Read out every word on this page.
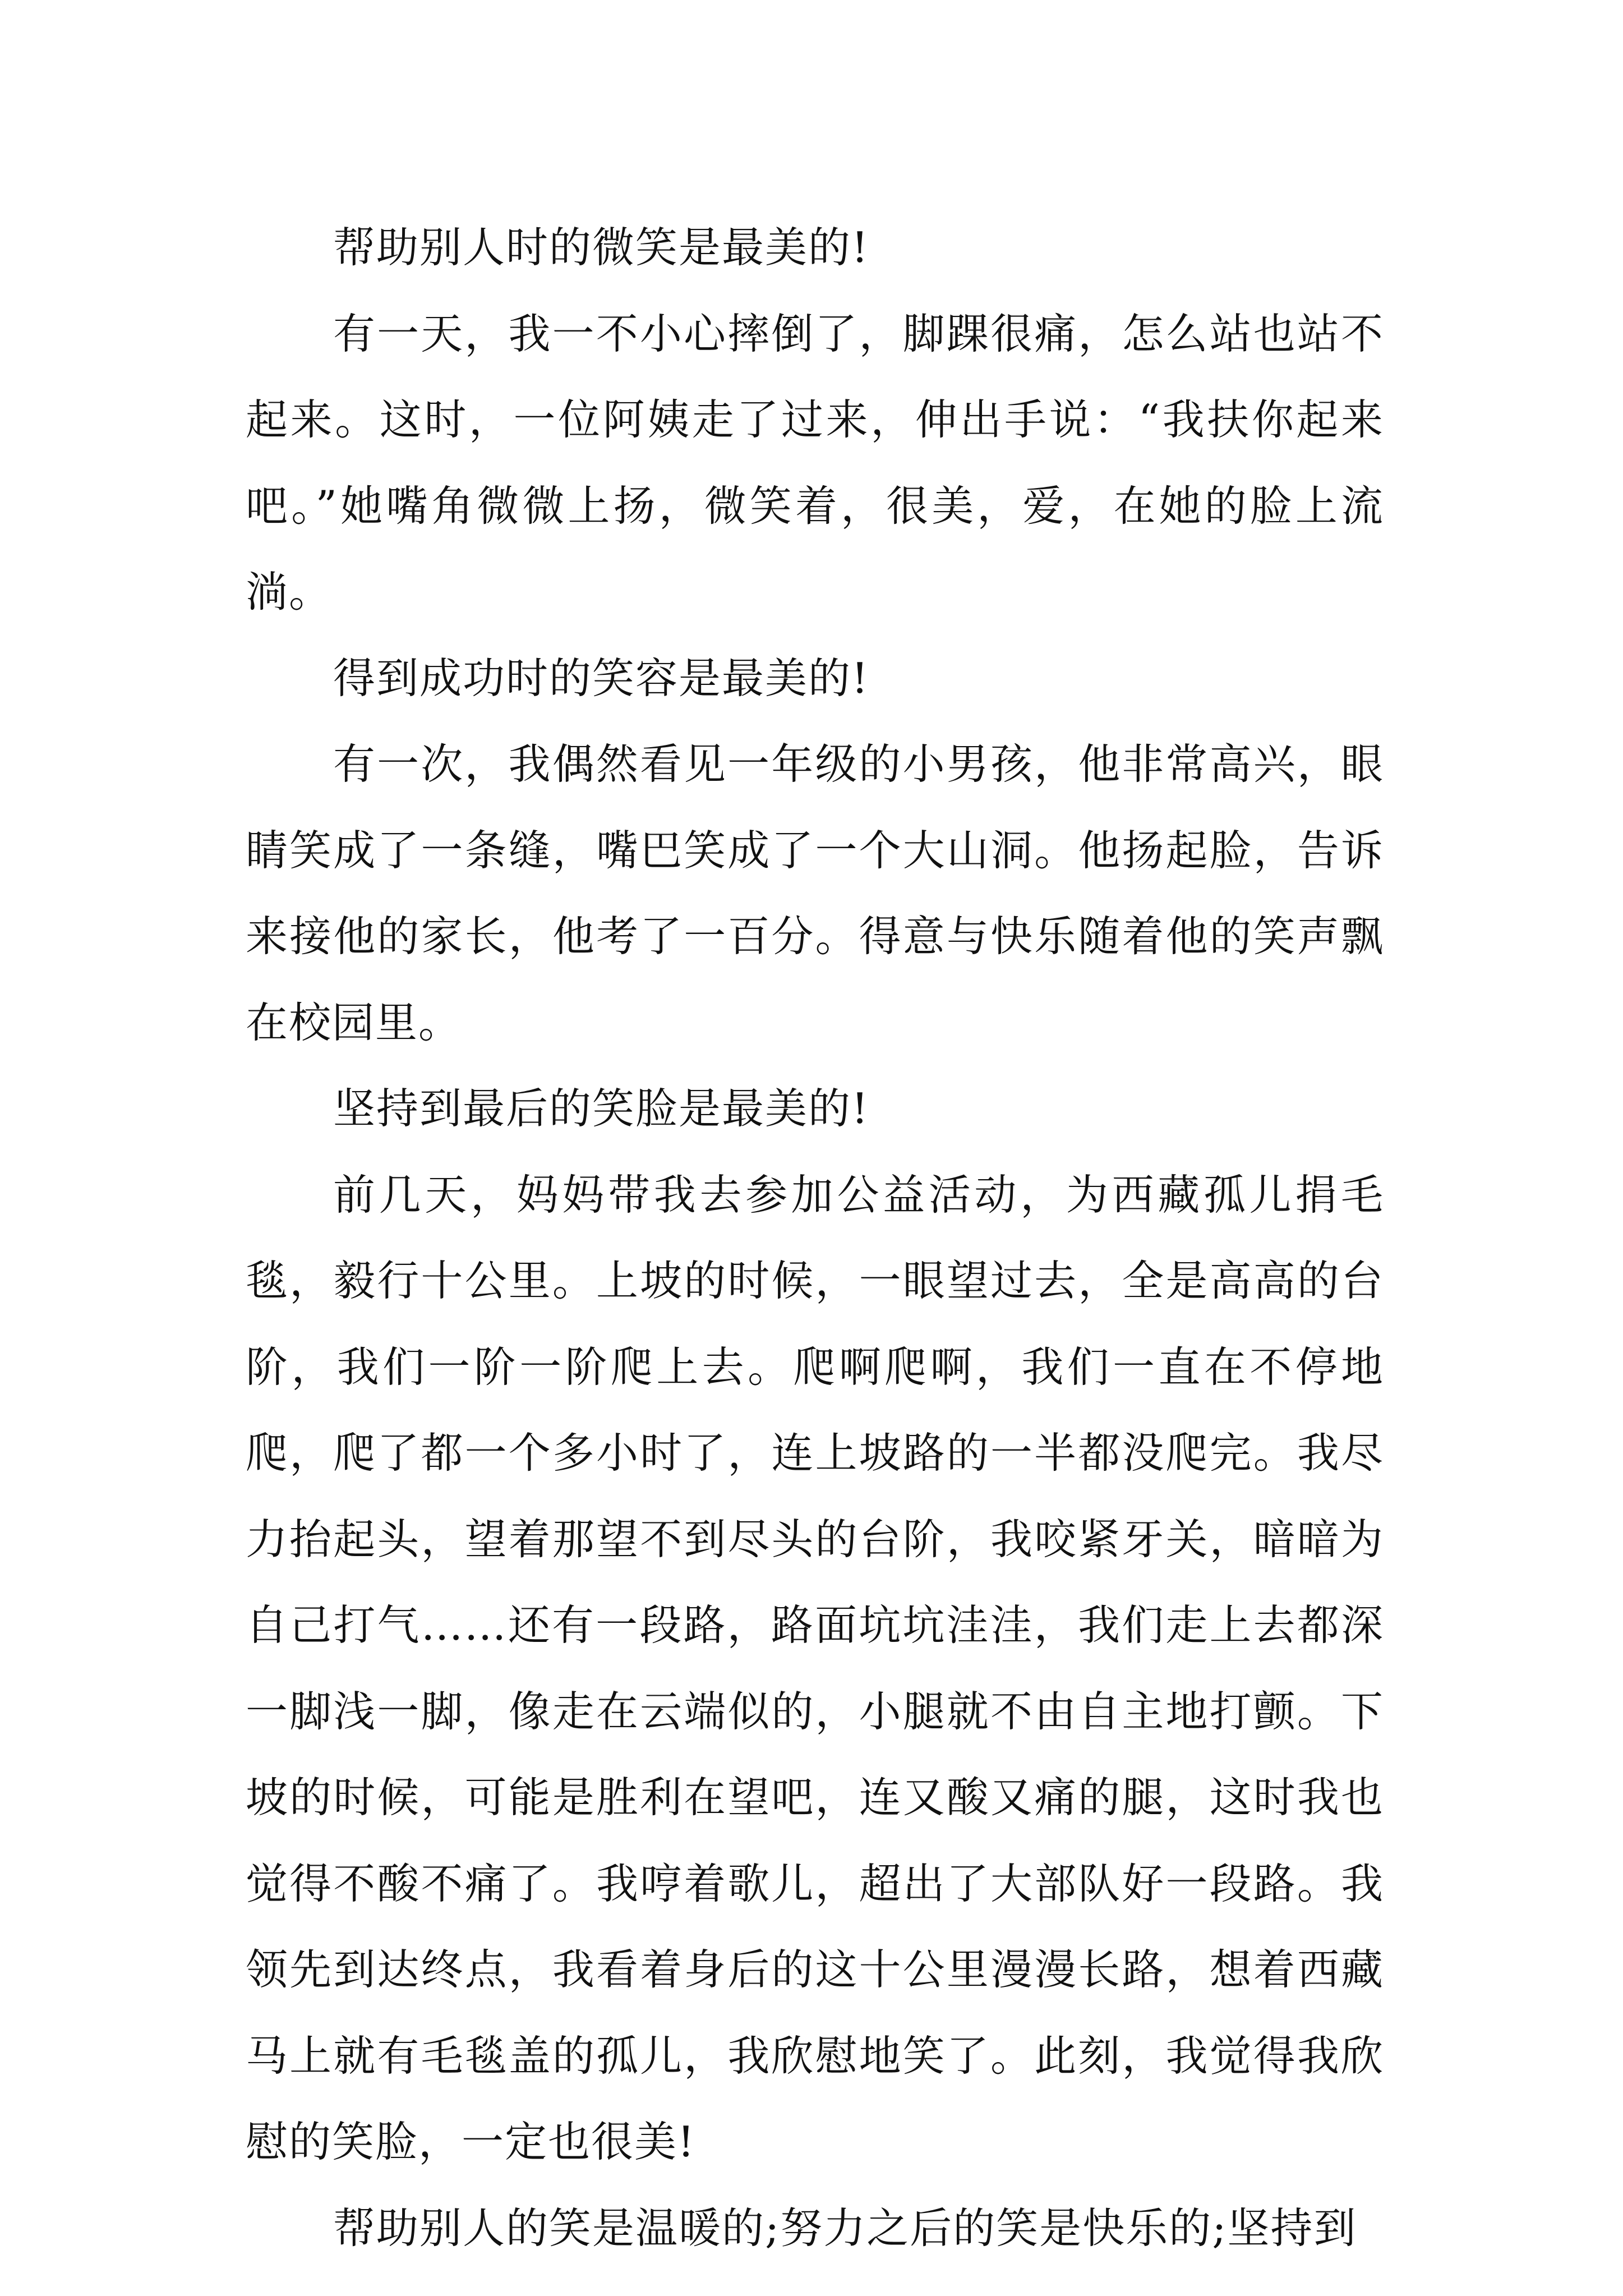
帮助别人时的微笑是最美的!

有一天，我一不小心摔倒了，脚踝很痛，怎么站也站不起来。这时，一位阿姨走了过来，伸出手说：“我扶你起来吧。”她嘴角微微上扬，微笑着，很美，爱，在她的脸上流淌。

得到成功时的笑容是最美的!

有一次，我偶然看见一年级的小男孩，他非常高兴，眼睛笑成了一条缝，嘴巴笑成了一个大山洞。他扬起脸，告诉来接他的家长，他考了一百分。得意与快乐随着他的笑声飘在校园里。

坚持到最后的笑脸是最美的!

前几天，妈妈带我去参加公益活动，为西藏孤儿捐毛毯，毅行十公里。上坡的时候，一眼望过去，全是高高的台阶，我们一阶一阶爬上去。爬啊爬啊，我们一直在不停地爬，爬了都一个多小时了，连上坡路的一半都没爬完。我尽力抬起头，望着那望不到尽头的台阶，我咬紧牙关，暗暗为自己打气……还有一段路，路面坑坑洼洼，我们走上去都深一脚浅一脚，像走在云端似的，小腿就不由自主地打颤。下坡的时候，可能是胜利在望吧，连又酸又痛的腿，这时我也觉得不酸不痛了。我哼着歌儿，超出了大部队好一段路。我领先到达终点，我看着身后的这十公里漫漫长路，想着西藏马上就有毛毯盖的孤儿，我欣慰地笑了。此刻，我觉得我欣慰的笑脸，一定也很美!

帮助别人的笑是温暖的;努力之后的笑是快乐的;坚持到
